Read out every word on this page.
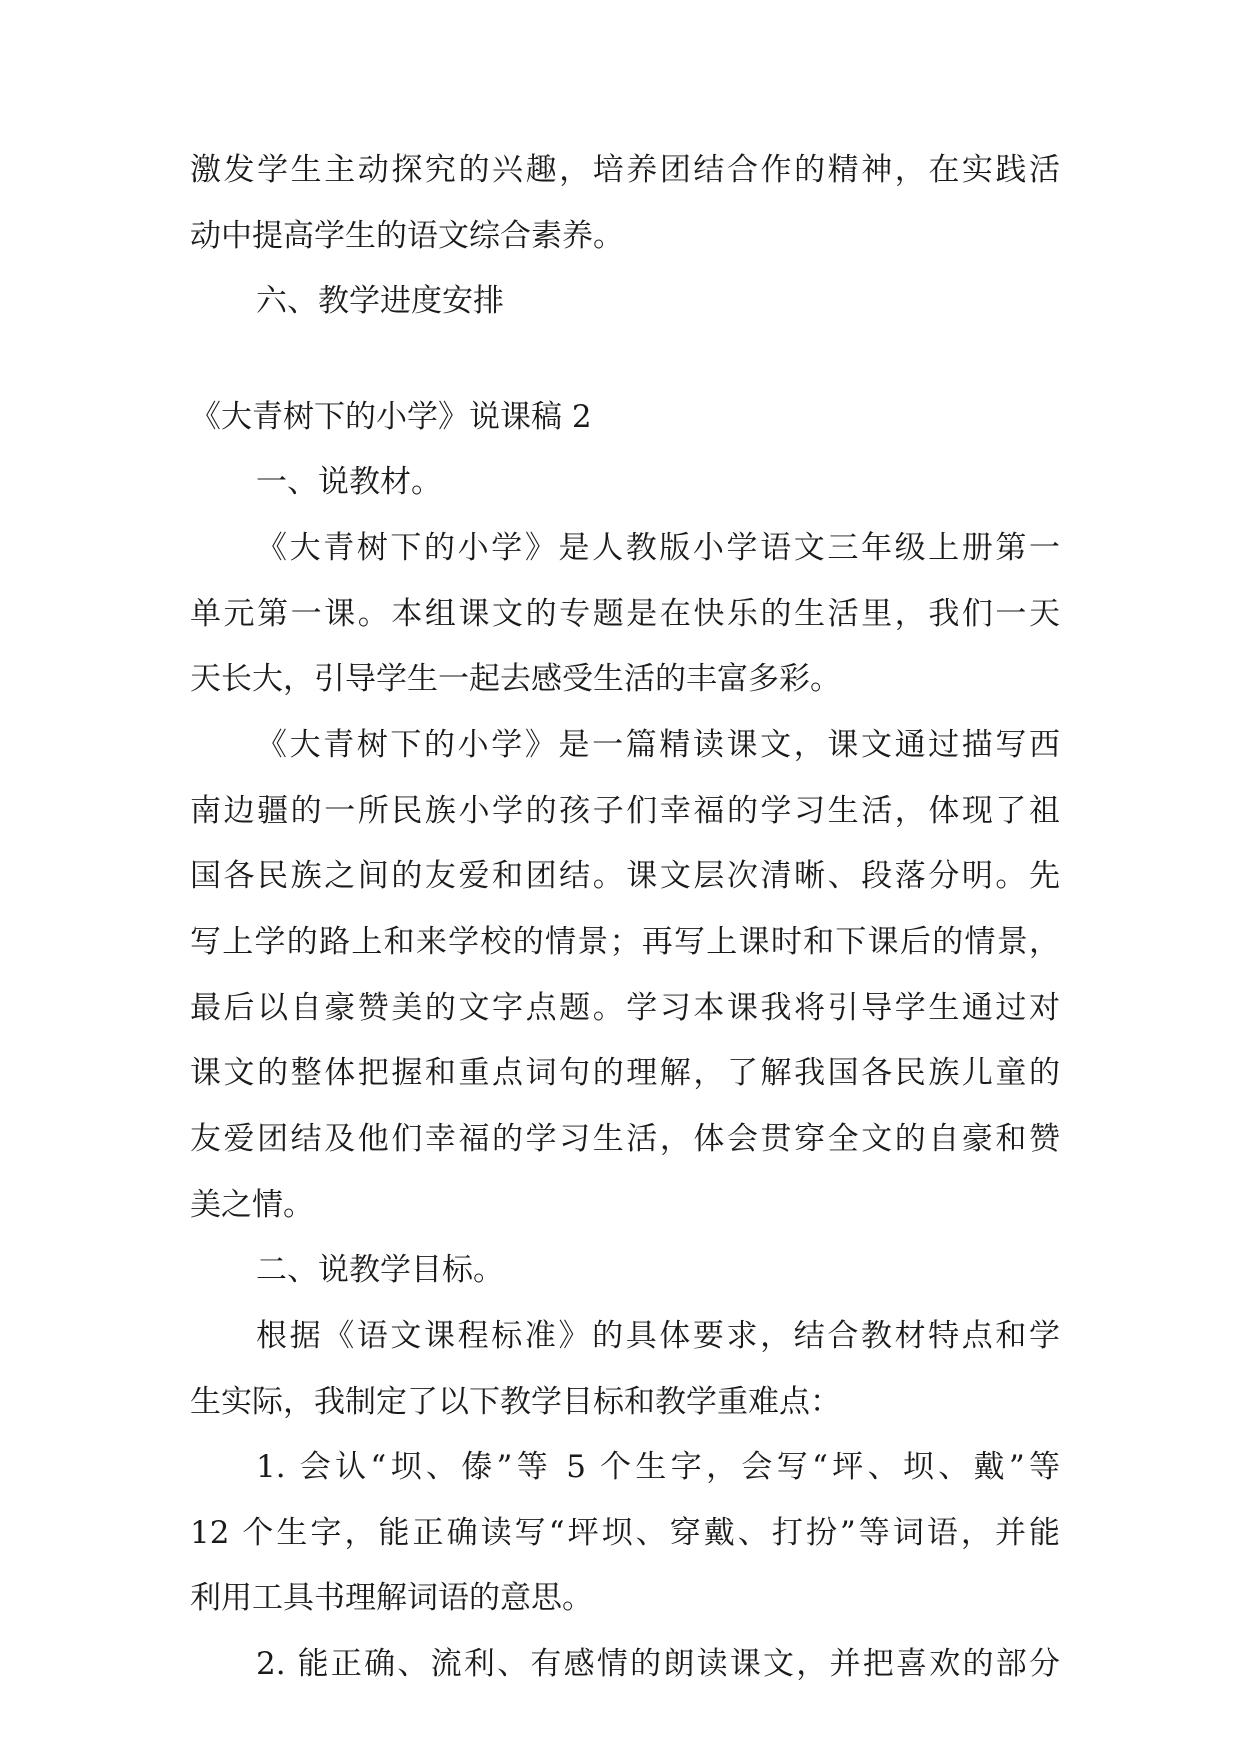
激发学生主动探究的兴趣，培养团结合作的精神，在实践活
动中提高学生的语文综合素养。
六、教学进度安排
《大青树下的小学》说课稿 2
一、说教材。
《大青树下的小学》是人教版小学语文三年级上册第一
单元第一课。本组课文的专题是在快乐的生活里，我们一天
天长大，引导学生一起去感受生活的丰富多彩。
《大青树下的小学》是一篇精读课文，课文通过描写西
南边疆的一所民族小学的孩子们幸福的学习生活，体现了祖
国各民族之间的友爱和团结。课文层次清晰、段落分明。先
写上学的路上和来学校的情景；再写上课时和下课后的情景，
最后以自豪赞美的文字点题。学习本课我将引导学生通过对
课文的整体把握和重点词句的理解，了解我国各民族儿童的
友爱团结及他们幸福的学习生活，体会贯穿全文的自豪和赞
美之情。
二、说教学目标。
根据《语文课程标准》的具体要求，结合教材特点和学
生实际，我制定了以下教学目标和教学重难点：
1. 会认“坝、傣”等 5 个生字，会写“坪、坝、戴”等
12 个生字，能正确读写“坪坝、穿戴、打扮”等词语，并能
利用工具书理解词语的意思。
2. 能正确、流利、有感情的朗读课文，并把喜欢的部分
